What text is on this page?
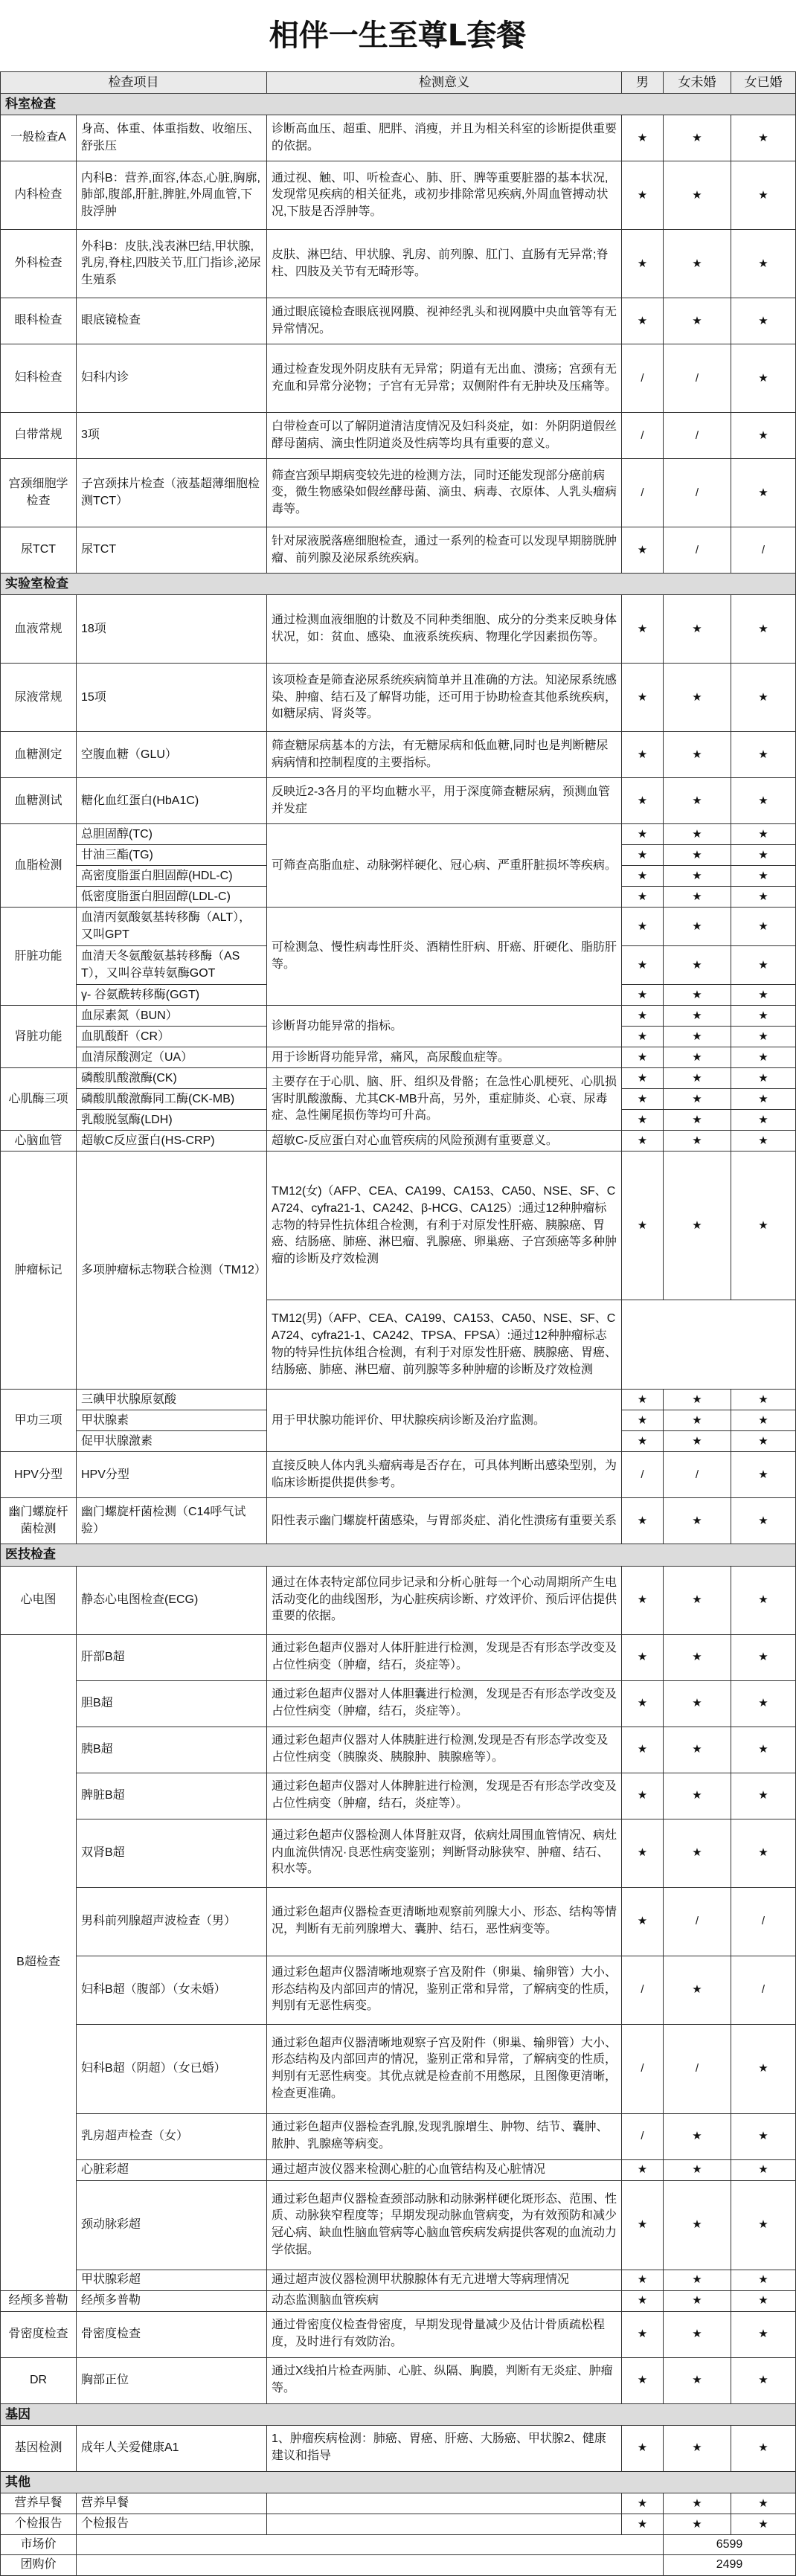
相伴一生至尊L套餐
检查项目		检测意义	男	女未婚	女已婚
科室检查					
一般检查A	身高、体重、体重指数、收缩压、舒张压	诊断高血压、超重、肥胖、消瘦，并且为相关科室的诊断提供重要的依据。	★	★	★
内科检查	内科B：营养,面容,体态,心脏,胸廓,肺部,腹部,肝脏,脾脏,外周血管,下肢浮肿	通过视、触、叩、听检查心、肺、肝、脾等重要脏器的基本状况,发现常见疾病的相关征兆，或初步排除常见疾病,外周血管搏动状况,下肢是否浮肿等。	★	★	★
外科检查	外科B：皮肤,浅表淋巴结,甲状腺,乳房,脊柱,四肢关节,肛门指诊,泌尿生殖系	皮肤、淋巴结、甲状腺、乳房、前列腺、肛门、直肠有无异常;脊柱、四肢及关节有无畸形等。	★	★	★
眼科检查	眼底镜检查	通过眼底镜检查眼底视网膜、视神经乳头和视网膜中央血管等有无异常情况。	★	★	★
妇科检查	妇科内诊	通过检查发现外阴皮肤有无异常；阴道有无出血、溃疡；宫颈有无充血和异常分泌物；子宫有无异常；双侧附件有无肿块及压痛等。	/	/	★
白带常规	3项	白带检查可以了解阴道清洁度情况及妇科炎症，如：外阴阴道假丝酵母菌病、滴虫性阴道炎及性病等均具有重要的意义。	/	/	★
宫颈细胞学检查	子宫颈抹片检查（液基超薄细胞检测TCT）	筛查宫颈早期病变较先进的检测方法，同时还能发现部分癌前病变，微生物感染如假丝酵母菌、滴虫、病毒、衣原体、人乳头瘤病毒等。	/	/	★
尿TCT	尿TCT	针对尿液脱落癌细胞检查，通过一系列的检查可以发现早期膀胱肿瘤、前列腺及泌尿系统疾病。	★	/	/
实验室检查					
血液常规	18项	通过检测血液细胞的计数及不同种类细胞、成分的分类来反映身体状况，如：贫血、感染、血液系统疾病、物理化学因素损伤等。	★	★	★
尿液常规	15项	该项检查是筛查泌尿系统疾病简单并且准确的方法。知泌尿系统感染、肿瘤、结石及了解肾功能，还可用于协助检查其他系统疾病，如糖尿病、肾炎等。	★	★	★
血糖测定	空腹血糖（GLU）	筛查糖尿病基本的方法，有无糖尿病和低血糖,同时也是判断糖尿病病情和控制程度的主要指标。	★	★	★
血糖测试	糖化血红蛋白(HbA1C)	反映近2-3各月的平均血糖水平，用于深度筛查糖尿病，预测血管并发症	★	★	★
血脂检测	总胆固醇(TC)	可筛查高脂血症、动脉粥样硬化、冠心病、严重肝脏损坏等疾病。	★	★	★
	甘油三酯(TG)		★	★	★
	高密度脂蛋白胆固醇(HDL-C)		★	★	★
	低密度脂蛋白胆固醇(LDL-C)		★	★	★
肝脏功能	血清丙氨酸氨基转移酶（ALT），又叫GPT	可检测急、慢性病毒性肝炎、酒精性肝病、肝癌、肝硬化、脂肪肝等。	★	★	★
	血清天冬氨酸氨基转移酶（AST），又叫谷草转氨酶GOT		★	★	★
	γ- 谷氨酰转移酶(GGT)		★	★	★
肾脏功能	血尿素氮（BUN）	诊断肾功能异常的指标。	★	★	★
	血肌酸酐（CR）		★	★	★
	血清尿酸测定（UA）	用于诊断肾功能异常，痛风，高尿酸血症等。	★	★	★
心肌酶三项	磷酸肌酸激酶(CK)	主要存在于心肌、脑、肝、组织及骨骼；在急性心肌梗死、心肌损害时肌酸激酶、尤其CK-MB升高，另外，重症肺炎、心衰、尿毒症、急性阑尾损伤等均可升高。	★	★	★
	磷酸肌酸激酶同工酶(CK-MB)		★	★	★
	乳酸脱氢酶(LDH)		★	★	★
心脑血管	超敏C反应蛋白(HS-CRP)	超敏C-反应蛋白对心血管疾病的风险预测有重要意义。	★	★	★
肿瘤标记	多项肿瘤标志物联合检测（TM12）	TM12(女)（AFP、CEA、CA199、CA153、CA50、NSE、SF、CA724、cyfra21-1、CA242、β-HCG、CA125）:通过12种肿瘤标志物的特异性抗体组合检测，有利于对原发性肝癌、胰腺癌、胃癌、结肠癌、肺癌、淋巴瘤、乳腺癌、卵巢癌、子宫颈癌等多种肿瘤的诊断及疗效检测	★	★	★
		TM12(男)（AFP、CEA、CA199、CA153、CA50、NSE、SF、CA724、cyfra21-1、CA242、TPSA、FPSA）:通过12种肿瘤标志物的特异性抗体组合检测，有利于对原发性肝癌、胰腺癌、胃癌、结肠癌、肺癌、淋巴瘤、前列腺等多种肿瘤的诊断及疗效检测			
甲功三项	三碘甲状腺原氨酸	用于甲状腺功能评价、甲状腺疾病诊断及治疗监测。	★	★	★
	甲状腺素		★	★	★
	促甲状腺激素		★	★	★
HPV分型	HPV分型	直接反映人体内乳头瘤病毒是否存在，可具体判断出感染型别，为临床诊断提供提供参考。	/	/	★
幽门螺旋杆菌检测	幽门螺旋杆菌检测（C14呼气试验）	阳性表示幽门螺旋杆菌感染，与胃部炎症、消化性溃疡有重要关系	★	★	★
医技检查					
心电图	静态心电图检查(ECG)	通过在体表特定部位同步记录和分析心脏每一个心动周期所产生电活动变化的曲线图形，为心脏疾病诊断、疗效评价、预后评估提供重要的依据。	★	★	★
B超检查	肝部B超	通过彩色超声仪器对人体肝脏进行检测，发现是否有形态学改变及占位性病变（肿瘤，结石，炎症等）。	★	★	★
	胆B超	通过彩色超声仪器对人体胆囊进行检测，发现是否有形态学改变及占位性病变（肿瘤，结石，炎症等）。	★	★	★
	胰B超	通过彩色超声仪器对人体胰脏进行检测,发现是否有形态学改变及占位性病变（胰腺炎、胰腺肿、胰腺癌等）。	★	★	★
	脾脏B超	通过彩色超声仪器对人体脾脏进行检测，发现是否有形态学改变及占位性病变（肿瘤，结石，炎症等）。	★	★	★
	双肾B超	通过彩色超声仪器检测人体肾脏双肾，依病灶周围血管情况、病灶内血流供情况·良恶性病变鉴别；判断肾动脉狭窄、肿瘤、结石、积水等。	★	★	★
	男科前列腺超声波检查（男）	通过彩色超声仪器检查更清晰地观察前列腺大小、形态、结构等情况，判断有无前列腺增大、囊肿、结石，恶性病变等。	★	/	/
	妇科B超（腹部）（女未婚）	通过彩色超声仪器清晰地观察子宫及附件（卵巢、输卵管）大小、形态结构及内部回声的情况，鉴别正常和异常，了解病变的性质，判别有无恶性病变。	/	★	/
	妇科B超（阴超）（女已婚）	通过彩色超声仪器清晰地观察子宫及附件（卵巢、输卵管）大小、形态结构及内部回声的情况，鉴别正常和异常，了解病变的性质，判别有无恶性病变。其优点就是检查前不用憋尿，且图像更清晰，检查更准确。	/	/	★
	乳房超声检查（女）	通过彩色超声仪器检查乳腺,发现乳腺增生、肿物、结节、囊肿、脓肿、乳腺癌等病变。	/	★	★
	心脏彩超	通过超声波仪器来检测心脏的心血管结构及心脏情况	★	★	★
	颈动脉彩超	通过彩色超声仪器检查颈部动脉和动脉粥样硬化斑形态、范围、性质、动脉狭窄程度等；早期发现动脉血管病变，为有效预防和减少冠心病、缺血性脑血管病等心脑血管疾病发病提供客观的血流动力学依据。	★	★	★
	甲状腺彩超	通过超声波仪器检测甲状腺腺体有无亢进增大等病理情况	★	★	★
经颅多普勒	经颅多普勒	动态监测脑血管疾病	★	★	★
骨密度检查	骨密度检查	通过骨密度仪检查骨密度，早期发现骨量减少及估计骨质疏松程度，及时进行有效防治。	★	★	★
DR	胸部正位	通过X线拍片检查两肺、心脏、纵隔、胸膜，判断有无炎症、肿瘤等。	★	★	★
基因					
基因检测	成年人关爱健康A1	1、肿瘤疾病检测：肺癌、胃癌、肝癌、大肠癌、甲状腺2、健康建议和指导	★	★	★
其他					
营养早餐	营养早餐		★	★	★
个检报告	个检报告		★	★	★
市场价				6599	
团购价				2499	
